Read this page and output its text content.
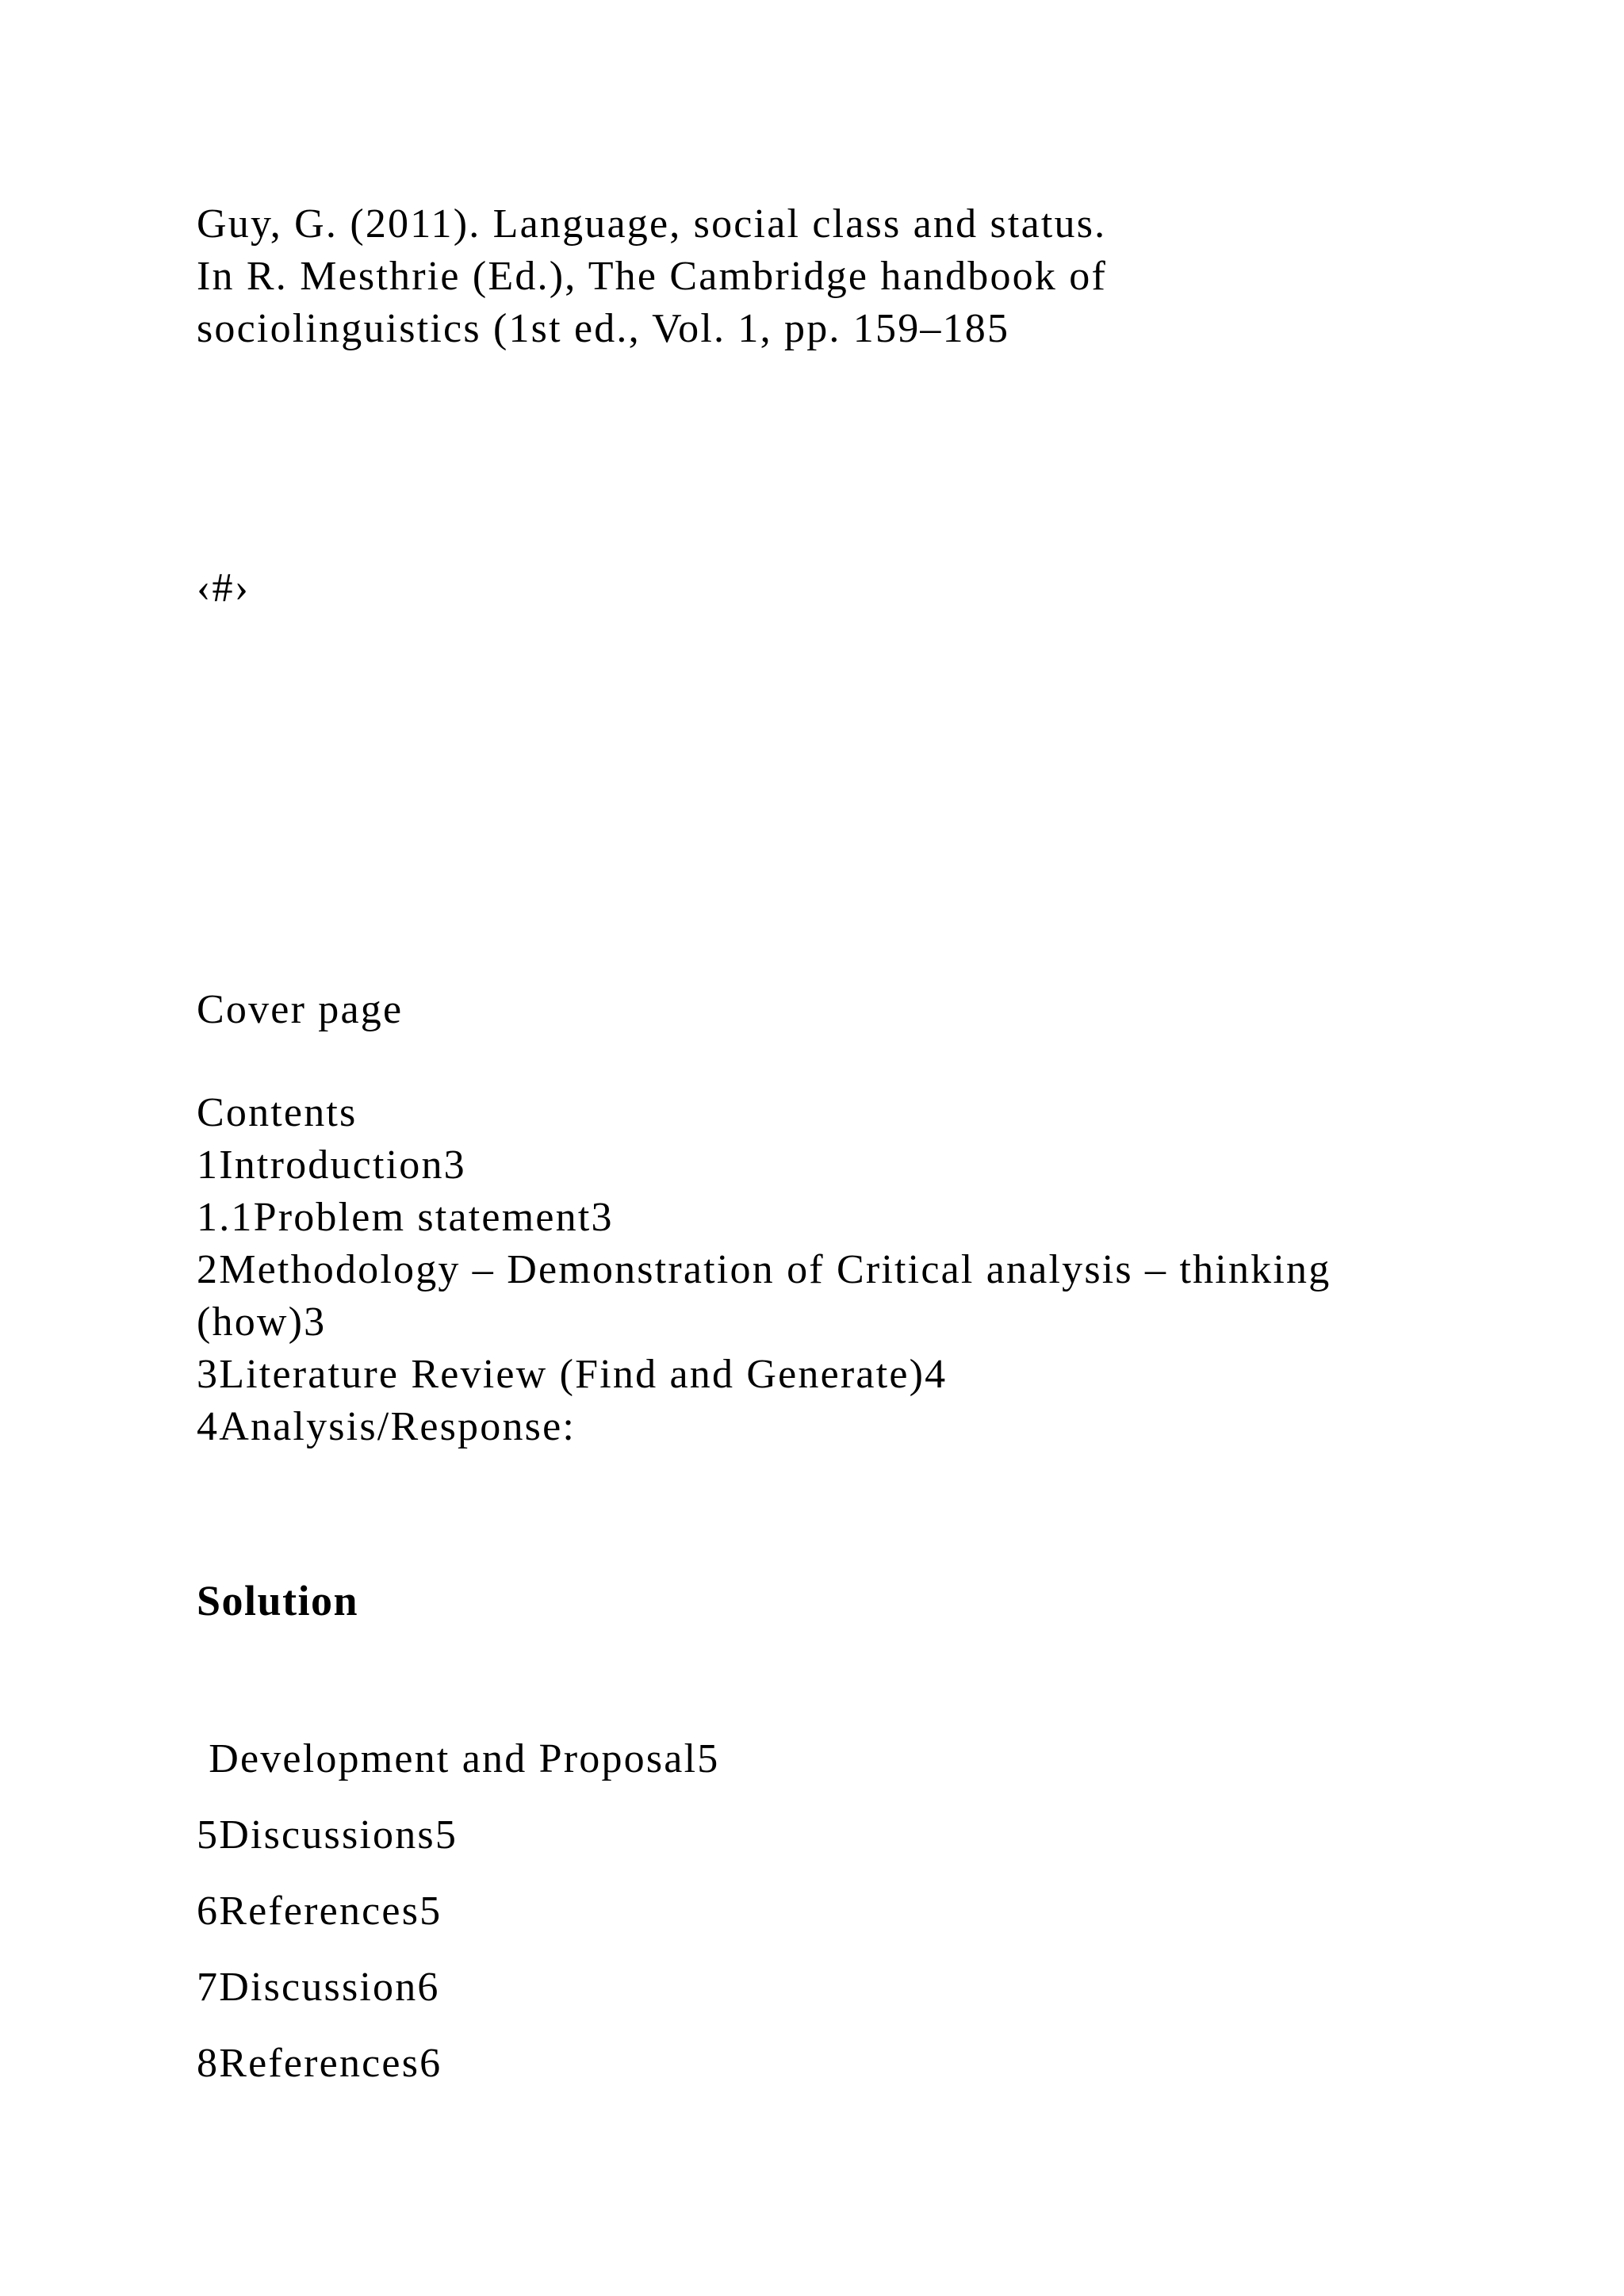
Guy, G. (2011). Language, social class and status.
In R. Mesthrie (Ed.), The Cambridge handbook of
sociolinguistics (1st ed., Vol. 1, pp. 159–185
‹#›
Cover page
Contents
1Introduction3
1.1Problem statement3
2Methodology – Demonstration of Critical analysis – thinking
(how)3
3Literature Review (Find and Generate)4
4Analysis/Response:
Solution
Development and Proposal5
5Discussions5
6References5
7Discussion6
8References6
